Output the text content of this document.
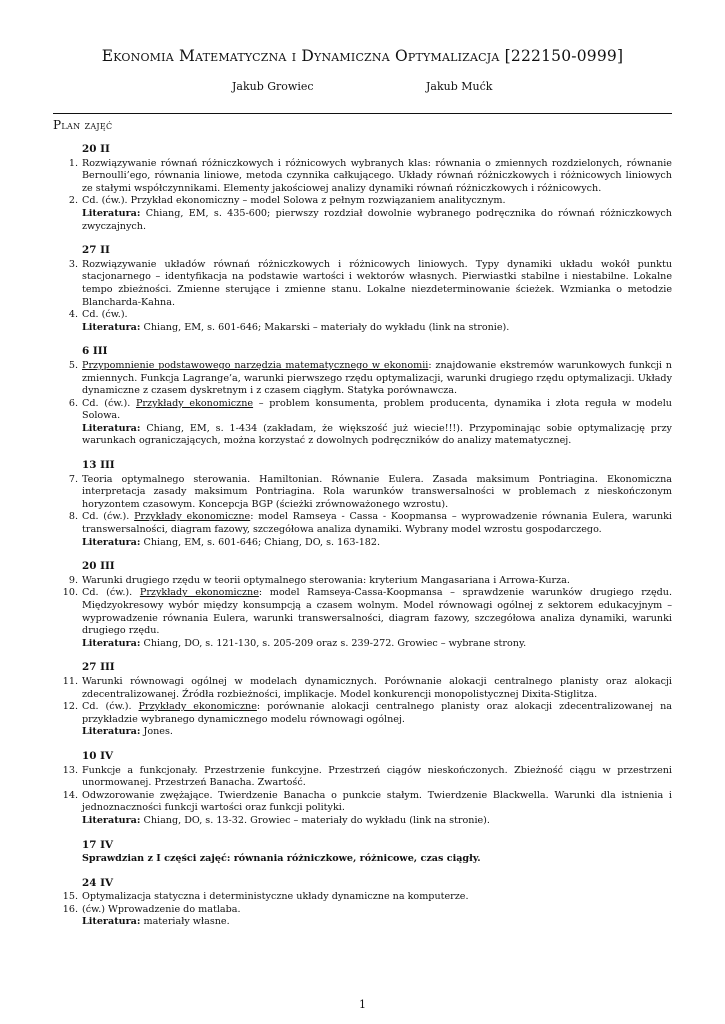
Ekonomia Matematyczna i Dynamiczna Optymalizacja [222150-0999]
Jakub Growiec	Jakub Mućk
Plan zajęć
20 II
1. Rozwiązywanie równań różniczkowych i różnicowych wybranych klas: równania o zmiennych rozdzielonych, równanie Bernoulli’ego, równania liniowe, metoda czynnika całkującego. Układy równań różniczkowych i różnicowych liniowych ze stałymi współczynnikami. Elementy jakościowej analizy dynamiki równań różniczkowych i różnicowych.
2. Cd. (ćw.). Przykład ekonomiczny – model Solowa z pełnym rozwiązaniem analitycznym.
Literatura: Chiang, EM, s. 435-600; pierwszy rozdział dowolnie wybranego podręcznika do równań różniczkowych zwyczajnych.
27 II
3. Rozwiązywanie układów równań różniczkowych i różnicowych liniowych. Typy dynamiki układu wokół punktu stacjonarnego – identyfikacja na podstawie wartości i wektorów własnych. Pierwiastki stabilne i niestabilne. Lokalne tempo zbieżności. Zmienne sterujące i zmienne stanu. Lokalne niezdeterminowanie ścieżek. Wzmianka o metodzie Blancharda-Kahna.
4. Cd. (ćw.).
Literatura: Chiang, EM, s. 601-646; Makarski – materiały do wykładu (link na stronie).
6 III
5. Przypomnienie podstawowego narzędzia matematycznego w ekonomii: znajdowanie ekstremów warunkowych funkcji n zmiennych. Funkcja Lagrange’a, warunki pierwszego rzędu optymalizacji, warunki drugiego rzędu optymalizacji. Układy dynamiczne z czasem dyskretnym i z czasem ciągłym. Statyka porównawcza.
6. Cd. (ćw.). Przykłady ekonomiczne – problem konsumenta, problem producenta, dynamika i złota reguła w modelu Solowa.
Literatura: Chiang, EM, s. 1-434 (zakładam, że większość już wiecie!!!). Przypominając sobie optymalizację przy warunkach ograniczających, można korzystać z dowolnych podręczników do analizy matematycznej.
13 III
7. Teoria optymalnego sterowania. Hamiltonian. Równanie Eulera. Zasada maksimum Pontriagina. Ekonomiczna interpretacja zasady maksimum Pontriagina. Rola warunków transwersalności w problemach z nieskończonym horyzontem czasowym. Koncepcja BGP (ścieżki zrównoważonego wzrostu).
8. Cd. (ćw.). Przykłady ekonomiczne: model Ramseya - Cassa - Koopmansa – wyprowadzenie równania Eulera, warunki transwersalności, diagram fazowy, szczegółowa analiza dynamiki. Wybrany model wzrostu gospodarczego.
Literatura: Chiang, EM, s. 601-646; Chiang, DO, s. 163-182.
20 III
9. Warunki drugiego rzędu w teorii optymalnego sterowania: kryterium Mangasariana i Arrowa-Kurza.
10. Cd. (ćw.). Przykłady ekonomiczne: model Ramseya-Cassa-Koopmansa – sprawdzenie warunków drugiego rzędu. Międzyokresowy wybór między konsumpcją a czasem wolnym. Model równowagi ogólnej z sektorem edukacyjnym – wyprowadzenie równania Eulera, warunki transwersalności, diagram fazowy, szczegółowa analiza dynamiki, warunki drugiego rzędu.
Literatura: Chiang, DO, s. 121-130, s. 205-209 oraz s. 239-272. Growiec – wybrane strony.
27 III
11. Warunki równowagi ogólnej w modelach dynamicznych. Porównanie alokacji centralnego planisty oraz alokacji zdecentralizowanej. Źródła rozbieżności, implikacje. Model konkurencji monopolistycznej Dixita-Stiglitza.
12. Cd. (ćw.). Przykłady ekonomiczne: porównanie alokacji centralnego planisty oraz alokacji zdecentralizowanej na przykładzie wybranego dynamicznego modelu równowagi ogólnej.
Literatura: Jones.
10 IV
13. Funkcje a funkcjonały. Przestrzenie funkcyjne. Przestrzeń ciągów nieskończonych. Zbieżność ciągu w przestrzeni unormowanej. Przestrzeń Banacha. Zwartość.
14. Odwzorowanie zwężające. Twierdzenie Banacha o punkcie stałym. Twierdzenie Blackwella. Warunki dla istnienia i jednoznaczności funkcji wartości oraz funkcji polityki.
Literatura: Chiang, DO, s. 13-32. Growiec – materiały do wykładu (link na stronie).
17 IV
Sprawdzian z I części zajęć: równania różniczkowe, różnicowe, czas ciągły.
24 IV
15. Optymalizacja statyczna i deterministyczne układy dynamiczne na komputerze.
16. (ćw.) Wprowadzenie do matlaba.
Literatura: materiały własne.
1
